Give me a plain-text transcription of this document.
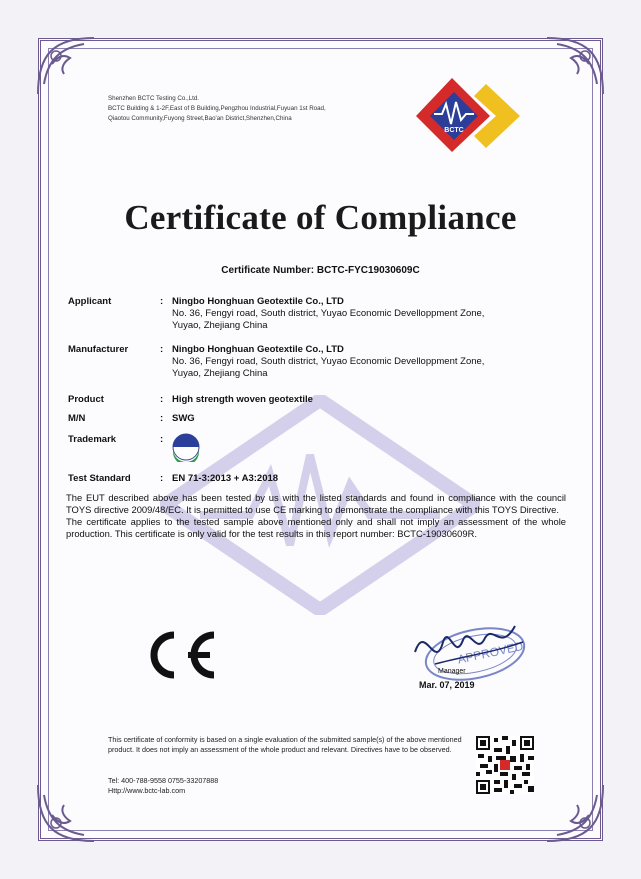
Shenzhen BCTC Testing Co.,Ltd.
BCTC Building & 1-2F,East of B Building,Pengzhou Industrial,Fuyuan 1st Road,
Qiaotou Community,Fuyong Street,Bao'an District,Shenzhen,China
BCTC
Certificate of Compliance
Certificate Number: BCTC-FYC19030609C
Applicant	: Ningbo Honghuan Geotextile Co., LTD
No. 36, Fengyi road, South district, Yuyao Economic Develloppment Zone,
Yuyao, Zhejiang China
Manufacturer	: Ningbo Honghuan Geotextile Co., LTD
No. 36, Fengyi road, South district, Yuyao Economic Develloppment Zone,
Yuyao, Zhejiang China
Product	: High strength woven geotextile
M/N	: SWG
Trademark	:
Test Standard	: EN 71-3:2013 + A3:2018

The EUT described above has been tested by us with the listed standards and found in compliance with the council TOYS directive 2009/48/EC. It is permitted to use CE marking to demonstrate the compliance with this TOYS Directive.

The certificate applies to the tested sample above mentioned only and shall not imply an assessment of the whole production. This certificate is only valid for the test results in this report number: BCTC-19030609R.

APPROVED
Manager
Mar. 07, 2019
This certificate of conformity is based on a single evaluation of the submitted sample(s) of the above mentioned product. It does not imply an assessment of the whole product and relevant. Directives have to be observed.
Tel: 400-788-9558 0755-33207888
Http://www.bctc-lab.com
